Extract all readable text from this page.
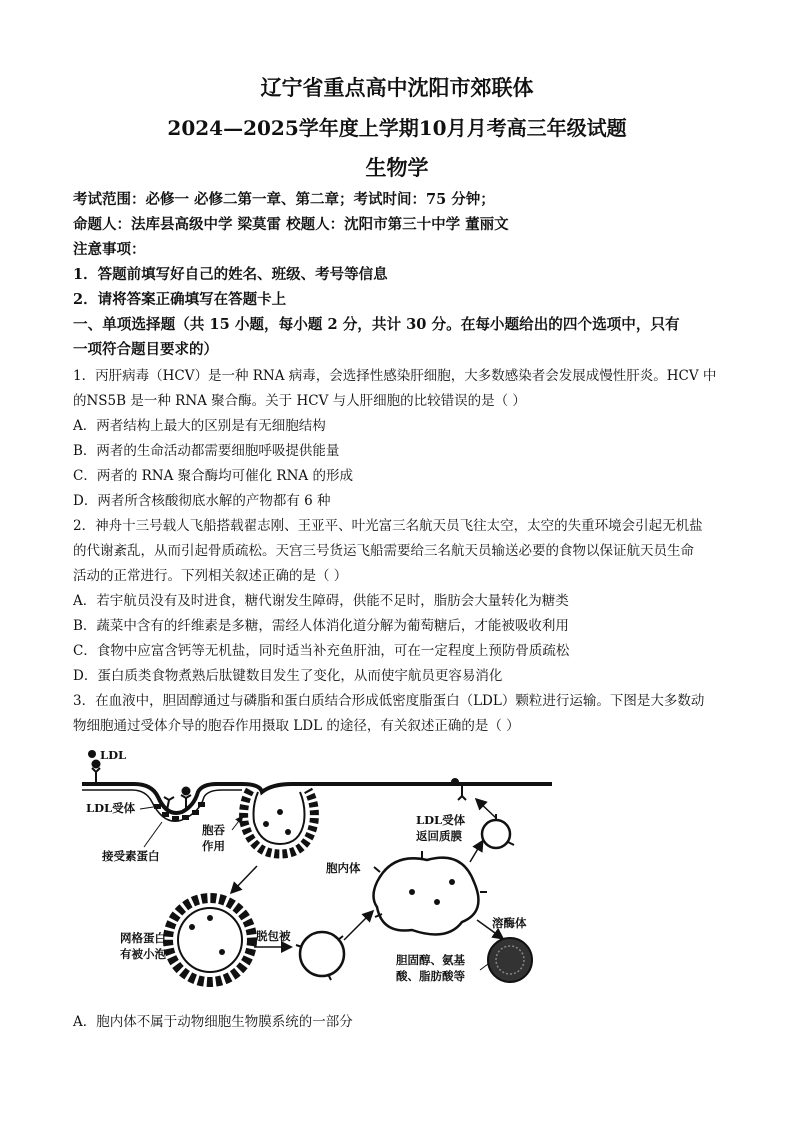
辽宁省重点高中沈阳市郊联体
2024—2025学年度上学期10月月考高三年级试题
生物学
考试范围：必修一 必修二第一章、第二章；考试时间：75 分钟；
命题人：法库县高级中学 梁莫雷 校题人：沈阳市第三十中学 董丽文
注意事项：
1．答题前填写好自己的姓名、班级、考号等信息
2．请将答案正确填写在答题卡上
一、单项选择题（共 15 小题，每小题 2 分，共计 30 分。在每小题给出的四个选项中，只有
一项符合题目要求的）
1．丙肝病毒（HCV）是一种 RNA 病毒，会选择性感染肝细胞，大多数感染者会发展成慢性肝炎。HCV 中
的NS5B 是一种 RNA 聚合酶。关于 HCV 与人肝细胞的比较错误的是（ ）
A．两者结构上最大的区别是有无细胞结构
B．两者的生命活动都需要细胞呼吸提供能量
C．两者的 RNA 聚合酶均可催化 RNA 的形成
D．两者所含核酸彻底水解的产物都有 6 种
2．神舟十三号载人飞船搭载翟志刚、王亚平、叶光富三名航天员飞往太空，太空的失重环境会引起无机盐
的代谢紊乱，从而引起骨质疏松。天宫三号货运飞船需要给三名航天员输送必要的食物以保证航天员生命
活动的正常进行。下列相关叙述正确的是（ ）
A．若宇航员没有及时进食，糖代谢发生障碍，供能不足时，脂肪会大量转化为糖类
B．蔬菜中含有的纤维素是多糖，需经人体消化道分解为葡萄糖后，才能被吸收利用
C．食物中应富含钙等无机盐，同时适当补充鱼肝油，可在一定程度上预防骨质疏松
D．蛋白质类食物煮熟后肽键数目发生了变化，从而使宇航员更容易消化
3．在血液中，胆固醇通过与磷脂和蛋白质结合形成低密度脂蛋白（LDL）颗粒进行运输。下图是大多数动
物细胞通过受体介导的胞吞作用摄取 LDL 的途径，有关叙述正确的是（ ）
LDL
LDL受体
接受素蛋白
胞吞
作用
网格蛋白
有被小泡
脱包被
胞内体
LDL受体
返回质膜
溶酶体
胆固醇、氨基
酸、脂肪酸等
A．胞内体不属于动物细胞生物膜系统的一部分
